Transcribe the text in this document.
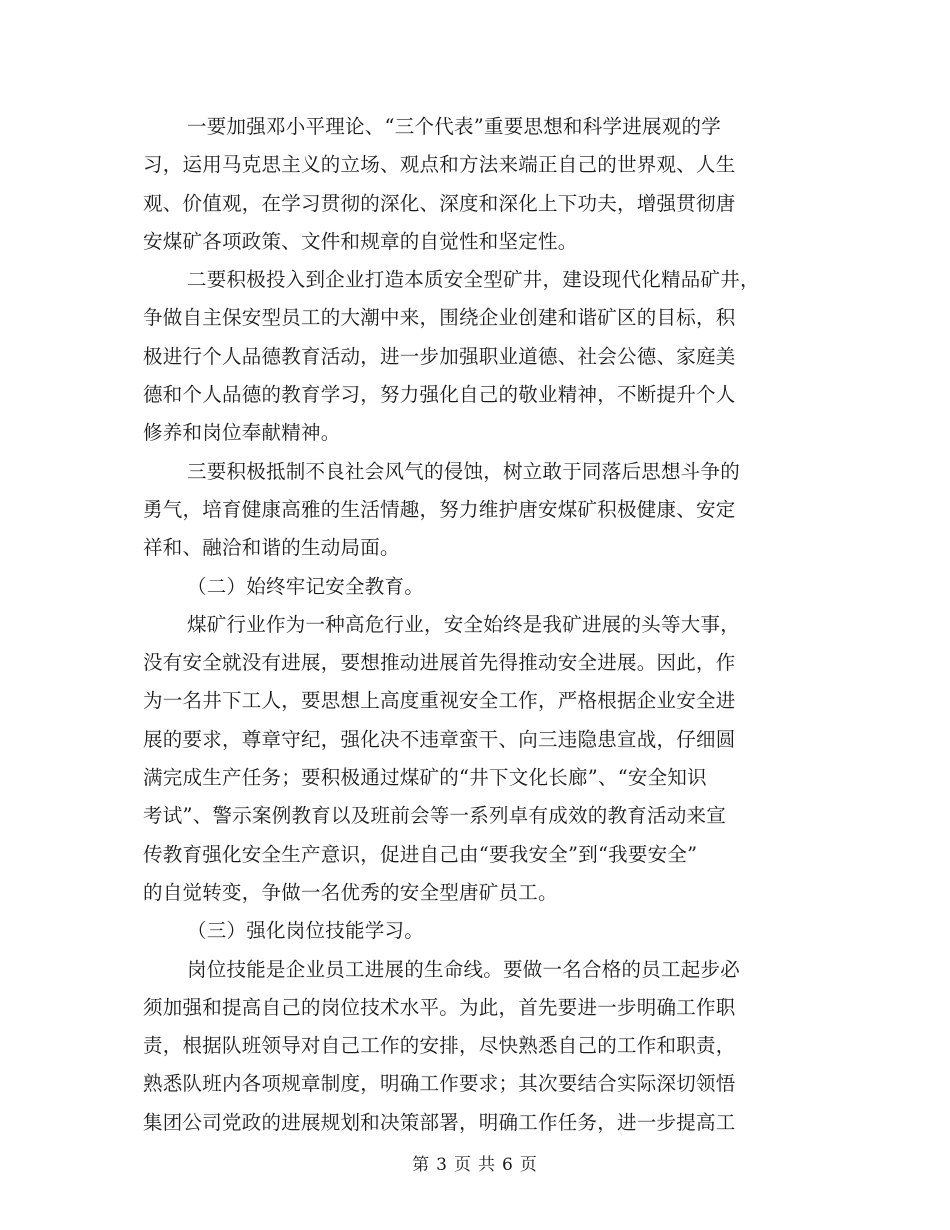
一要加强邓小平理论、“三个代表”重要思想和科学进展观的学
习，运用马克思主义的立场、观点和方法来端正自己的世界观、人生
观、价值观，在学习贯彻的深化、深度和深化上下功夫，增强贯彻唐
安煤矿各项政策、文件和规章的自觉性和坚定性。
二要积极投入到企业打造本质安全型矿井，建设现代化精品矿井，
争做自主保安型员工的大潮中来，围绕企业创建和谐矿区的目标，积
极进行个人品德教育活动，进一步加强职业道德、社会公德、家庭美
德和个人品德的教育学习，努力强化自己的敬业精神，不断提升个人
修养和岗位奉献精神。
三要积极抵制不良社会风气的侵蚀，树立敢于同落后思想斗争的
勇气，培育健康高雅的生活情趣，努力维护唐安煤矿积极健康、安定
祥和、融洽和谐的生动局面。
（二）始终牢记安全教育。
煤矿行业作为一种高危行业，安全始终是我矿进展的头等大事，
没有安全就没有进展，要想推动进展首先得推动安全进展。因此，作
为一名井下工人，要思想上高度重视安全工作，严格根据企业安全进
展的要求，尊章守纪，强化决不违章蛮干、向三违隐患宣战，仔细圆
满完成生产任务；要积极通过煤矿的“井下文化长廊”、“安全知识
考试”、警示案例教育以及班前会等一系列卓有成效的教育活动来宣
传教育强化安全生产意识，促进自己由“要我安全”到“我要安全”
的自觉转变，争做一名优秀的安全型唐矿员工。
（三）强化岗位技能学习。
岗位技能是企业员工进展的生命线。要做一名合格的员工起步必
须加强和提高自己的岗位技术水平。为此，首先要进一步明确工作职
责，根据队班领导对自己工作的安排，尽快熟悉自己的工作和职责，
熟悉队班内各项规章制度，明确工作要求；其次要结合实际深切领悟
集团公司党政的进展规划和决策部署，明确工作任务，进一步提高工
第 3 页 共 6 页
